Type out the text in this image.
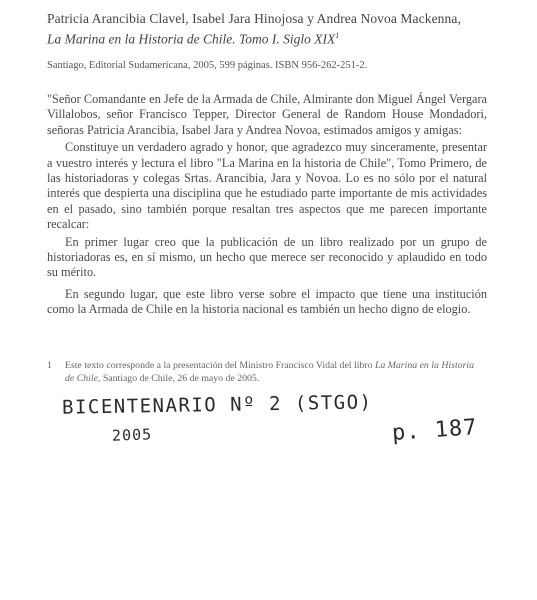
Patricia Arancibia Clavel, Isabel Jara Hinojosa y Andrea Novoa Mackenna,
La Marina en la Historia de Chile. Tomo I. Siglo XIX$^1$
Santiago, Editorial Sudamericana, 2005, 599 páginas. ISBN 956-262-251-2.

"Señor Comandante en Jefe de la Armada de Chile, Almirante don Miguel Ángel Vergara Villalobos, señor Francisco Tepper, Director General de Random House Mondadori, señoras Patricia Arancibia, Isabel Jara y Andrea Novoa, estimados amigos y amigas:

Constituye un verdadero agrado y honor, que agradezco muy sinceramente, presentar a vuestro interés y lectura el libro "La Marina en la historia de Chile", Tomo Primero, de las historiadoras y colegas Srtas. Arancibia, Jara y Novoa. Lo es no sólo por el natural interés que despierta una disciplina que he estudiado parte importante de mis actividades en el pasado, sino también porque resaltan tres aspectos que me parecen importante recalcar:

En primer lugar creo que la publicación de un libro realizado por un grupo de historiadoras es, en sí mismo, un hecho que merece ser reconocido y aplaudido en todo su mérito.

En segundo lugar, que este libro verse sobre el impacto que tiene una institución como la Armada de Chile en la historia nacional es también un hecho digno de elogio.

1 Este texto corresponde a la presentación del Ministro Francisco Vidal del libro La Marina en la Historia de Chile, Santiago de Chile, 26 de mayo de 2005.
BICENTENARIO Nº 2 (STGO)
2005	p. 187
